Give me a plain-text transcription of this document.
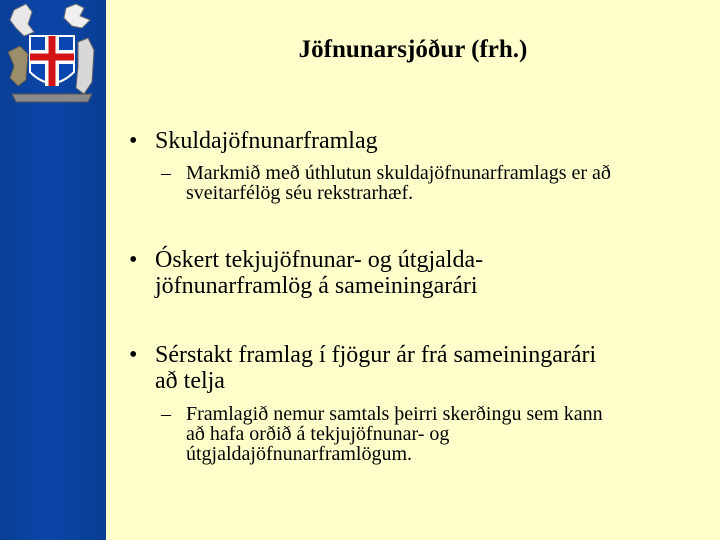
Jöfnunarsjóður (frh.)
• Skuldajöfnunarframlag
– Markmið með úthlutun skuldajöfnunarframlags er að
sveitarfélög séu rekstrarhæf.
• Óskert tekjujöfnunar- og útgjalda-
jöfnunarframlög á sameiningarári
• Sérstakt framlag í fjögur ár frá sameiningarári
að telja
– Framlagið nemur samtals þeirri skerðingu sem kann
að hafa orðið á tekjujöfnunar- og
útgjaldajöfnunarframlögum.
